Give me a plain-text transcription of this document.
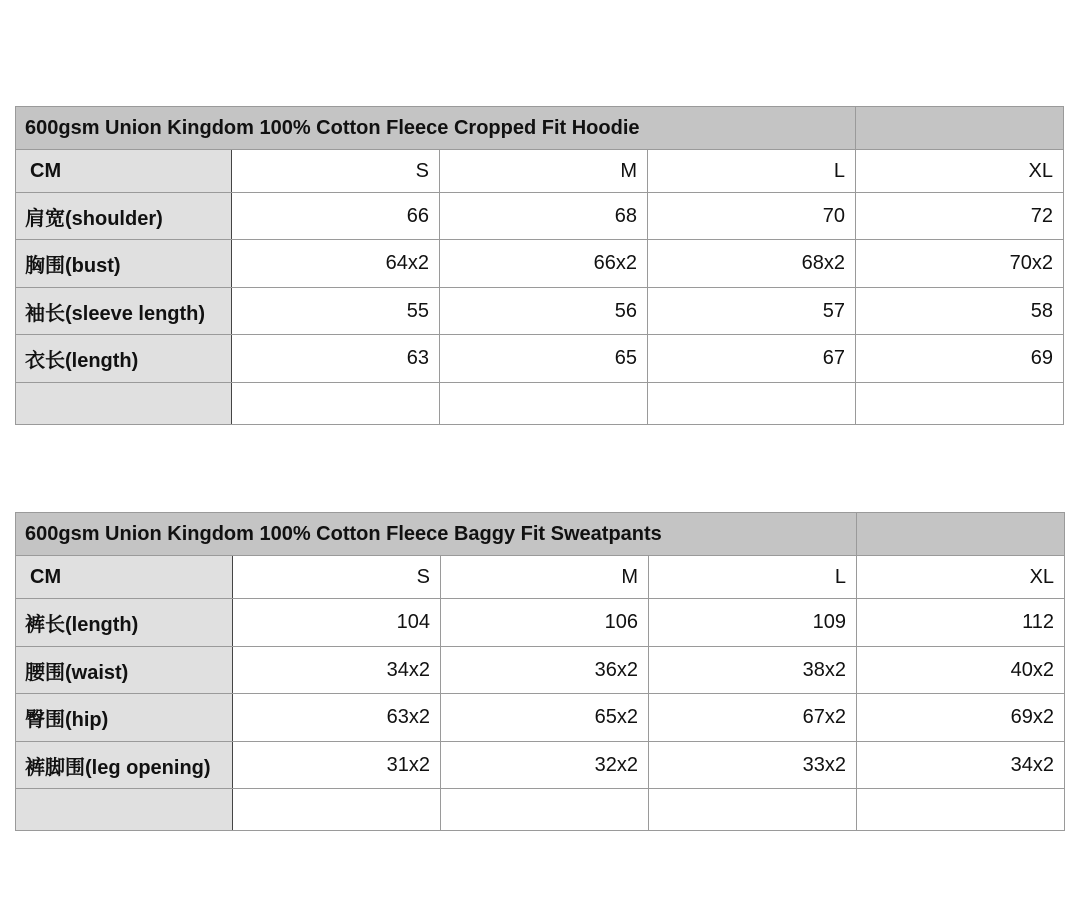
600gsm Union Kingdom 100% Cotton Fleece Cropped Fit Hoodie				
CM	S	M	L	XL
肩宽(shoulder)	66	68	70	72
胸围(bust)	64x2	66x2	68x2	70x2
袖长(sleeve length)	55	56	57	58
衣长(length)	63	65	67	69

600gsm Union Kingdom 100% Cotton Fleece Baggy Fit Sweatpants				
CM	S	M	L	XL
裤长(length)	104	106	109	112
腰围(waist)	34x2	36x2	38x2	40x2
臀围(hip)	63x2	65x2	67x2	69x2
裤脚围(leg opening)	31x2	32x2	33x2	34x2
